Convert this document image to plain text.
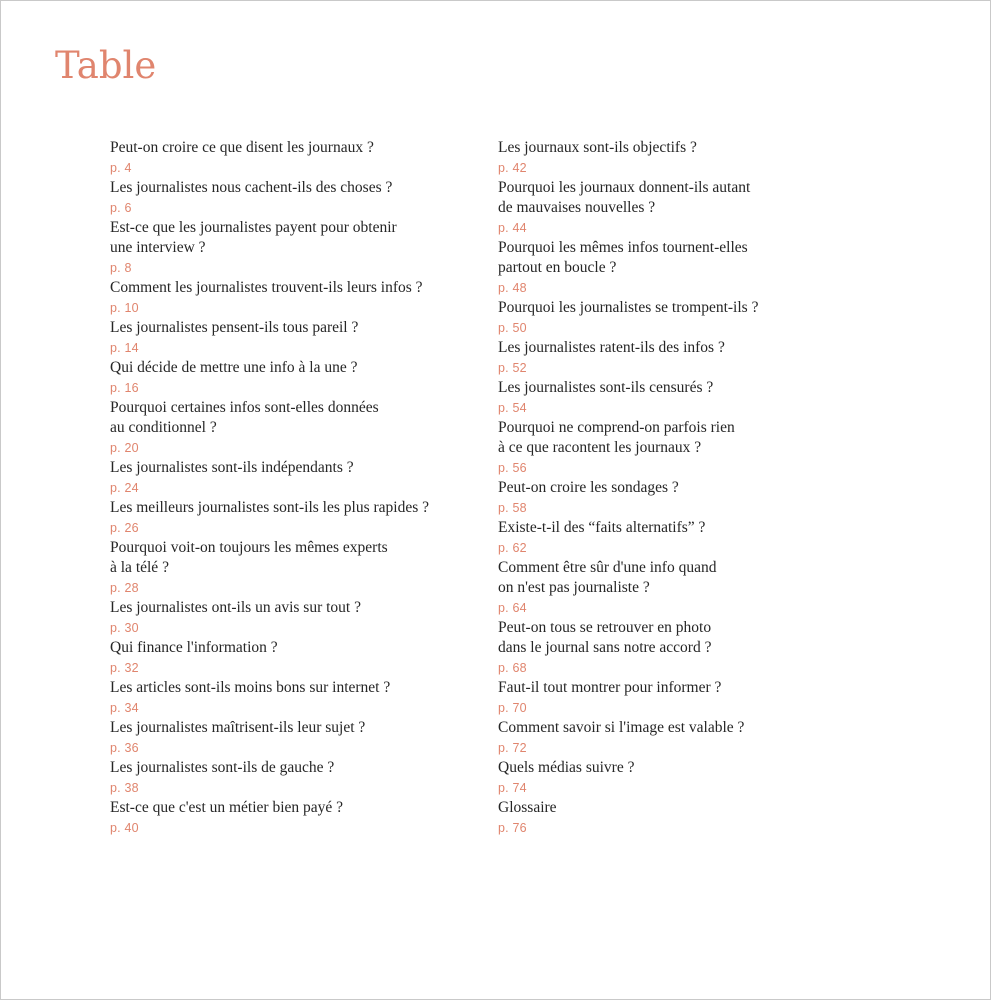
Table
Peut-on croire ce que disent les journaux ?
p. 4
Les journalistes nous cachent-ils des choses ?
p. 6
Est-ce que les journalistes payent pour obtenir
une interview ?
p. 8
Comment les journalistes trouvent-ils leurs infos ?
p. 10
Les journalistes pensent-ils tous pareil ?
p. 14
Qui décide de mettre une info à la une ?
p. 16
Pourquoi certaines infos sont-elles données
au conditionnel ?
p. 20
Les journalistes sont-ils indépendants ?
p. 24
Les meilleurs journalistes sont-ils les plus rapides ?
p. 26
Pourquoi voit-on toujours les mêmes experts
à la télé ?
p. 28
Les journalistes ont-ils un avis sur tout ?
p. 30
Qui finance l'information ?
p. 32
Les articles sont-ils moins bons sur internet ?
p. 34
Les journalistes maîtrisent-ils leur sujet ?
p. 36
Les journalistes sont-ils de gauche ?
p. 38
Est-ce que c'est un métier bien payé ?
p. 40
Les journaux sont-ils objectifs ?
p. 42
Pourquoi les journaux donnent-ils autant
de mauvaises nouvelles ?
p. 44
Pourquoi les mêmes infos tournent-elles
partout en boucle ?
p. 48
Pourquoi les journalistes se trompent-ils ?
p. 50
Les journalistes ratent-ils des infos ?
p. 52
Les journalistes sont-ils censurés ?
p. 54
Pourquoi ne comprend-on parfois rien
à ce que racontent les journaux ?
p. 56
Peut-on croire les sondages ?
p. 58
Existe-t-il des “faits alternatifs” ?
p. 62
Comment être sûr d'une info quand
on n'est pas journaliste ?
p. 64
Peut-on tous se retrouver en photo
dans le journal sans notre accord ?
p. 68
Faut-il tout montrer pour informer ?
p. 70
Comment savoir si l'image est valable ?
p. 72
Quels médias suivre ?
p. 74
Glossaire
p. 76
